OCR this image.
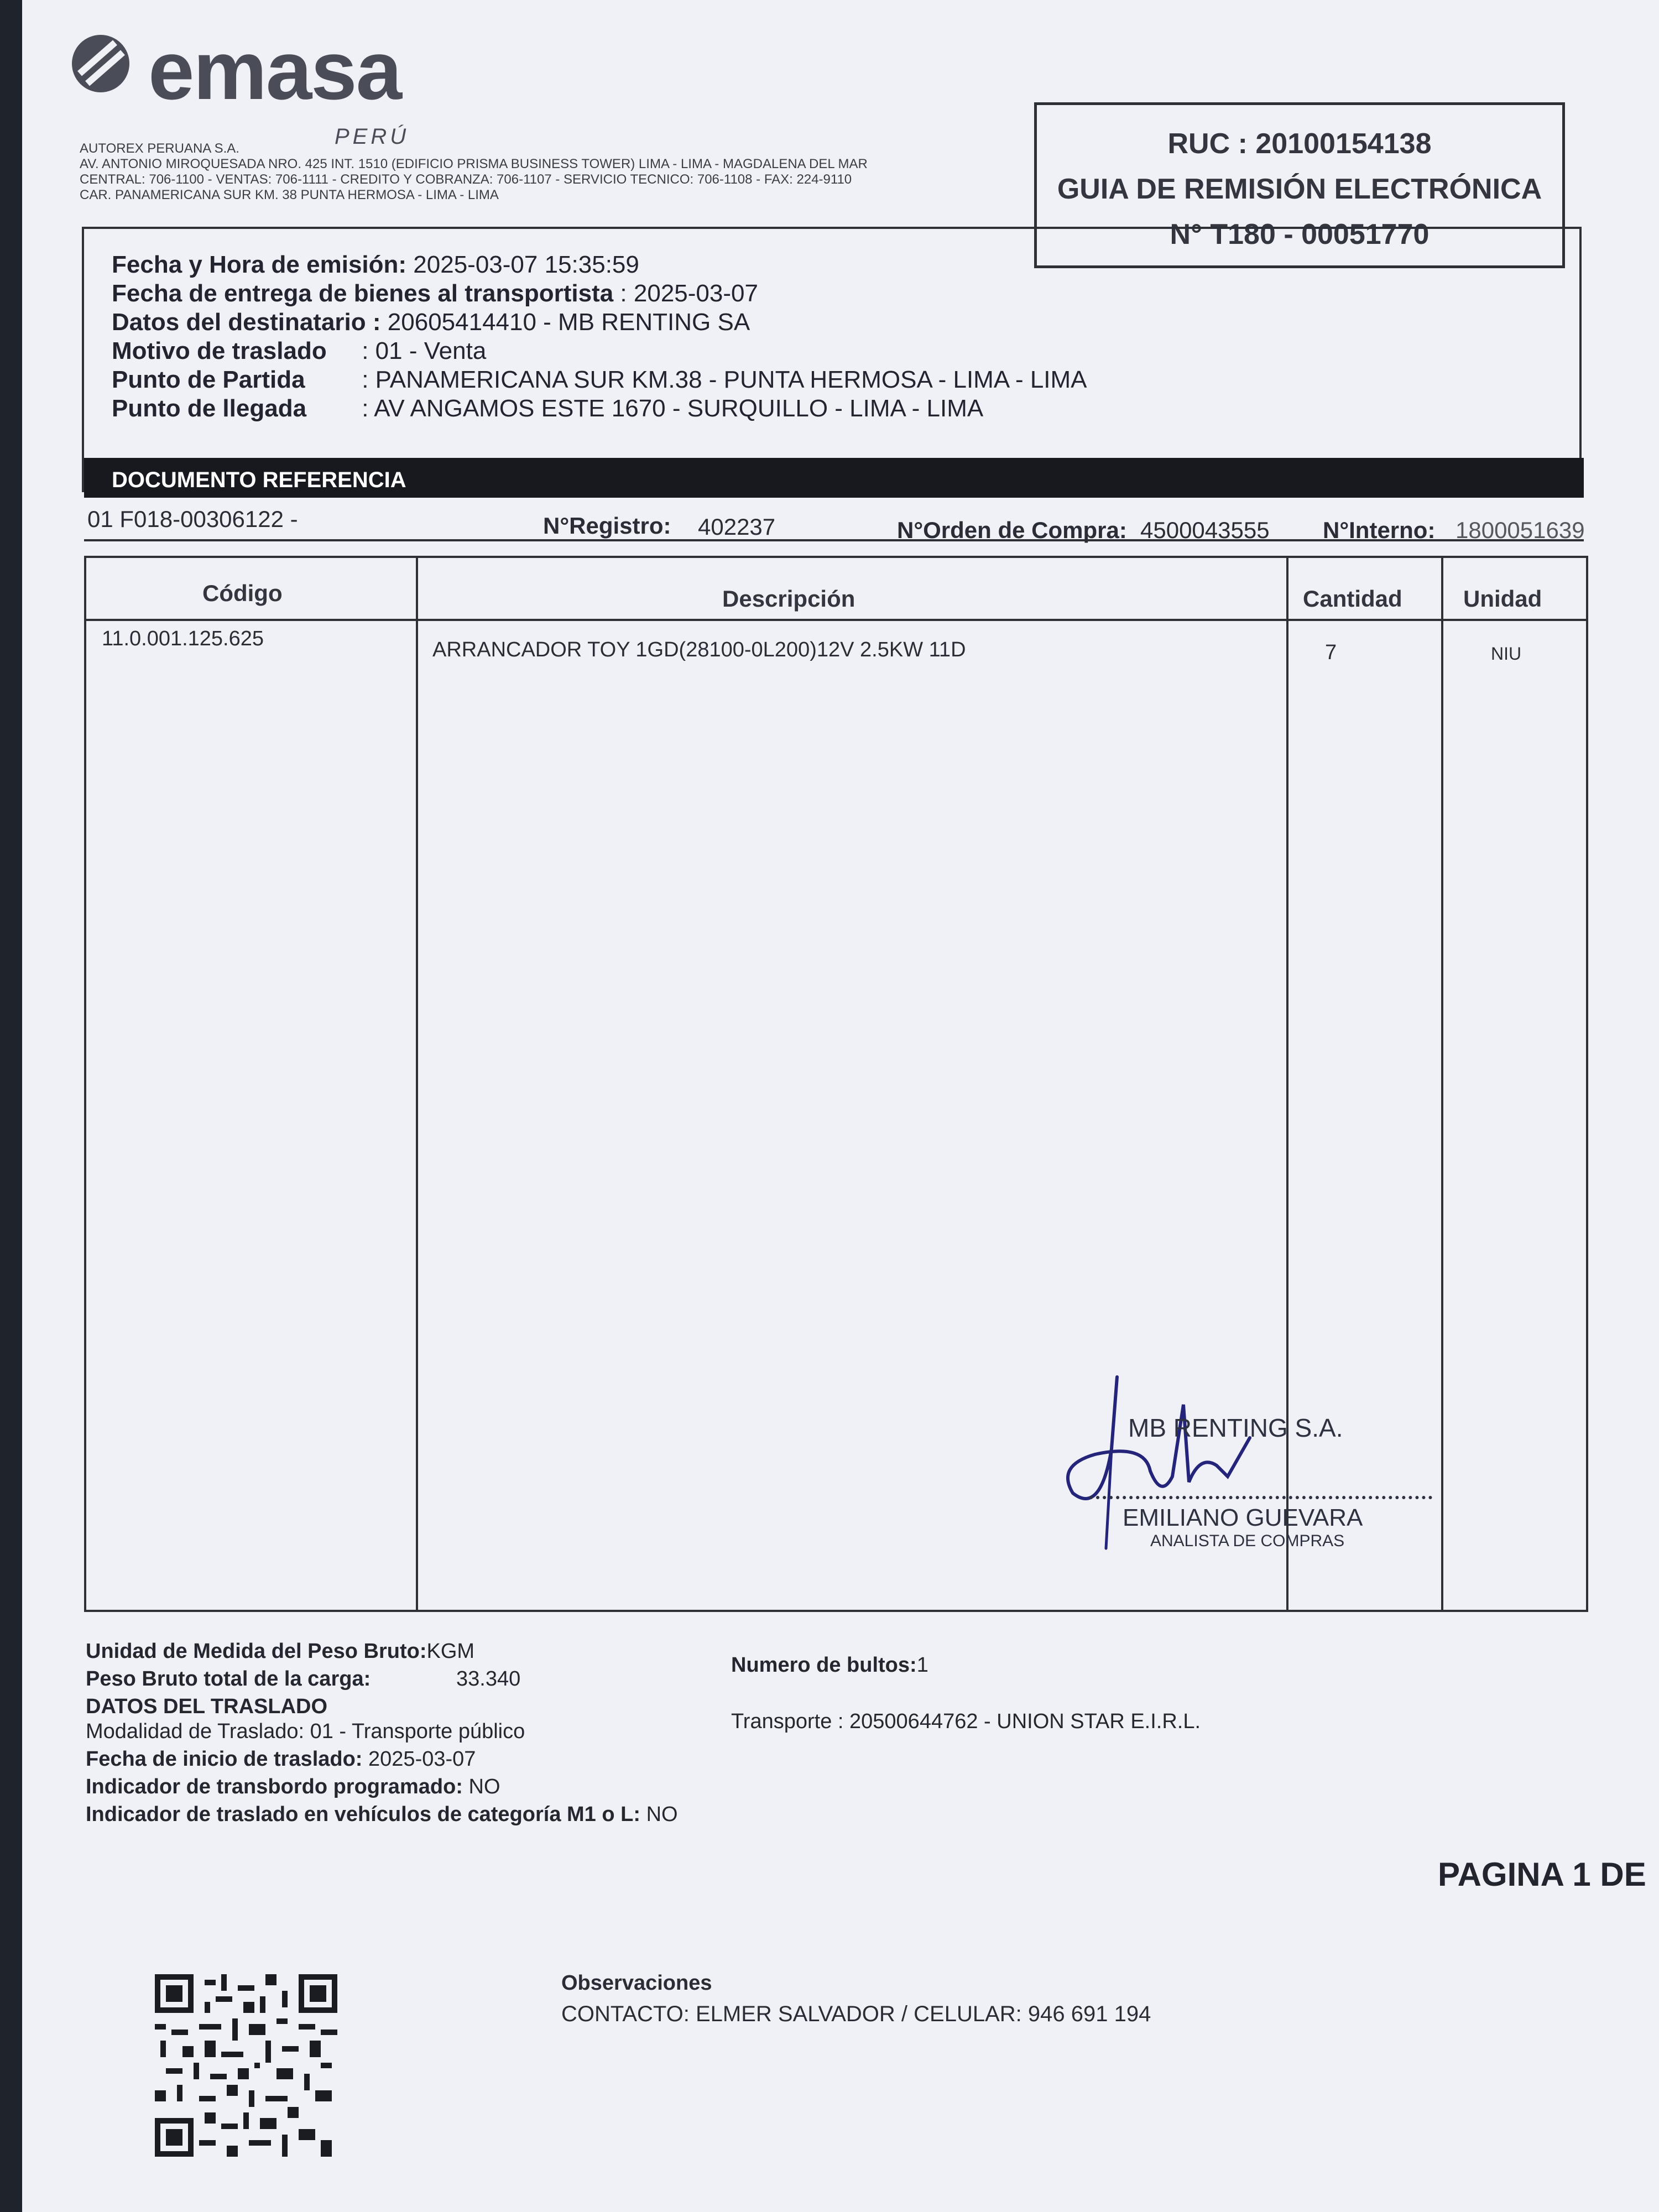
emasa
PERÚ
AUTOREX PERUANA S.A.
AV. ANTONIO MIROQUESADA NRO. 425 INT. 1510 (EDIFICIO PRISMA BUSINESS TOWER) LIMA - LIMA - MAGDALENA DEL MAR
CENTRAL: 706-1100 - VENTAS: 706-1111 - CREDITO Y COBRANZA: 706-1107 - SERVICIO TECNICO: 706-1108 - FAX: 224-9110
CAR. PANAMERICANA SUR KM. 38 PUNTA HERMOSA - LIMA - LIMA
RUC : 20100154138
GUIA DE REMISIÓN ELECTRÓNICA
N° T180 - 00051770
Fecha y Hora de emisión: 2025-03-07 15:35:59
Fecha de entrega de bienes al transportista : 2025-03-07
Datos del destinatario : 20605414410 - MB RENTING SA
Motivo de traslado : 01 - Venta
Punto de Partida : PANAMERICANA SUR KM.38 - PUNTA HERMOSA - LIMA - LIMA
Punto de llegada : AV ANGAMOS ESTE 1670 - SURQUILLO - LIMA - LIMA
DOCUMENTO REFERENCIA
01 F018-00306122 -	N°Registro: 402237	N°Orden de Compra: 4500043555 N°Interno: 1800051639
Código	Descripción	Cantidad	Unidad
11.0.001.125.625	ARRANCADOR TOY 1GD(28100-0L200)12V 2.5KW 11D	7	NIU
MB RENTING S.A.
EMILIANO GUEVARA
ANALISTA DE COMPRAS
Unidad de Medida del Peso Bruto:KGM
Peso Bruto total de la carga:	33.340
DATOS DEL TRASLADO
Modalidad de Traslado: 01 - Transporte público
Fecha de inicio de traslado: 2025-03-07
Indicador de transbordo programado: NO
Indicador de traslado en vehículos de categoría M1 o L: NO
Numero de bultos:1
Transporte : 20500644762 - UNION STAR E.I.R.L.
PAGINA 1 DE
Observaciones
CONTACTO: ELMER SALVADOR / CELULAR: 946 691 194
